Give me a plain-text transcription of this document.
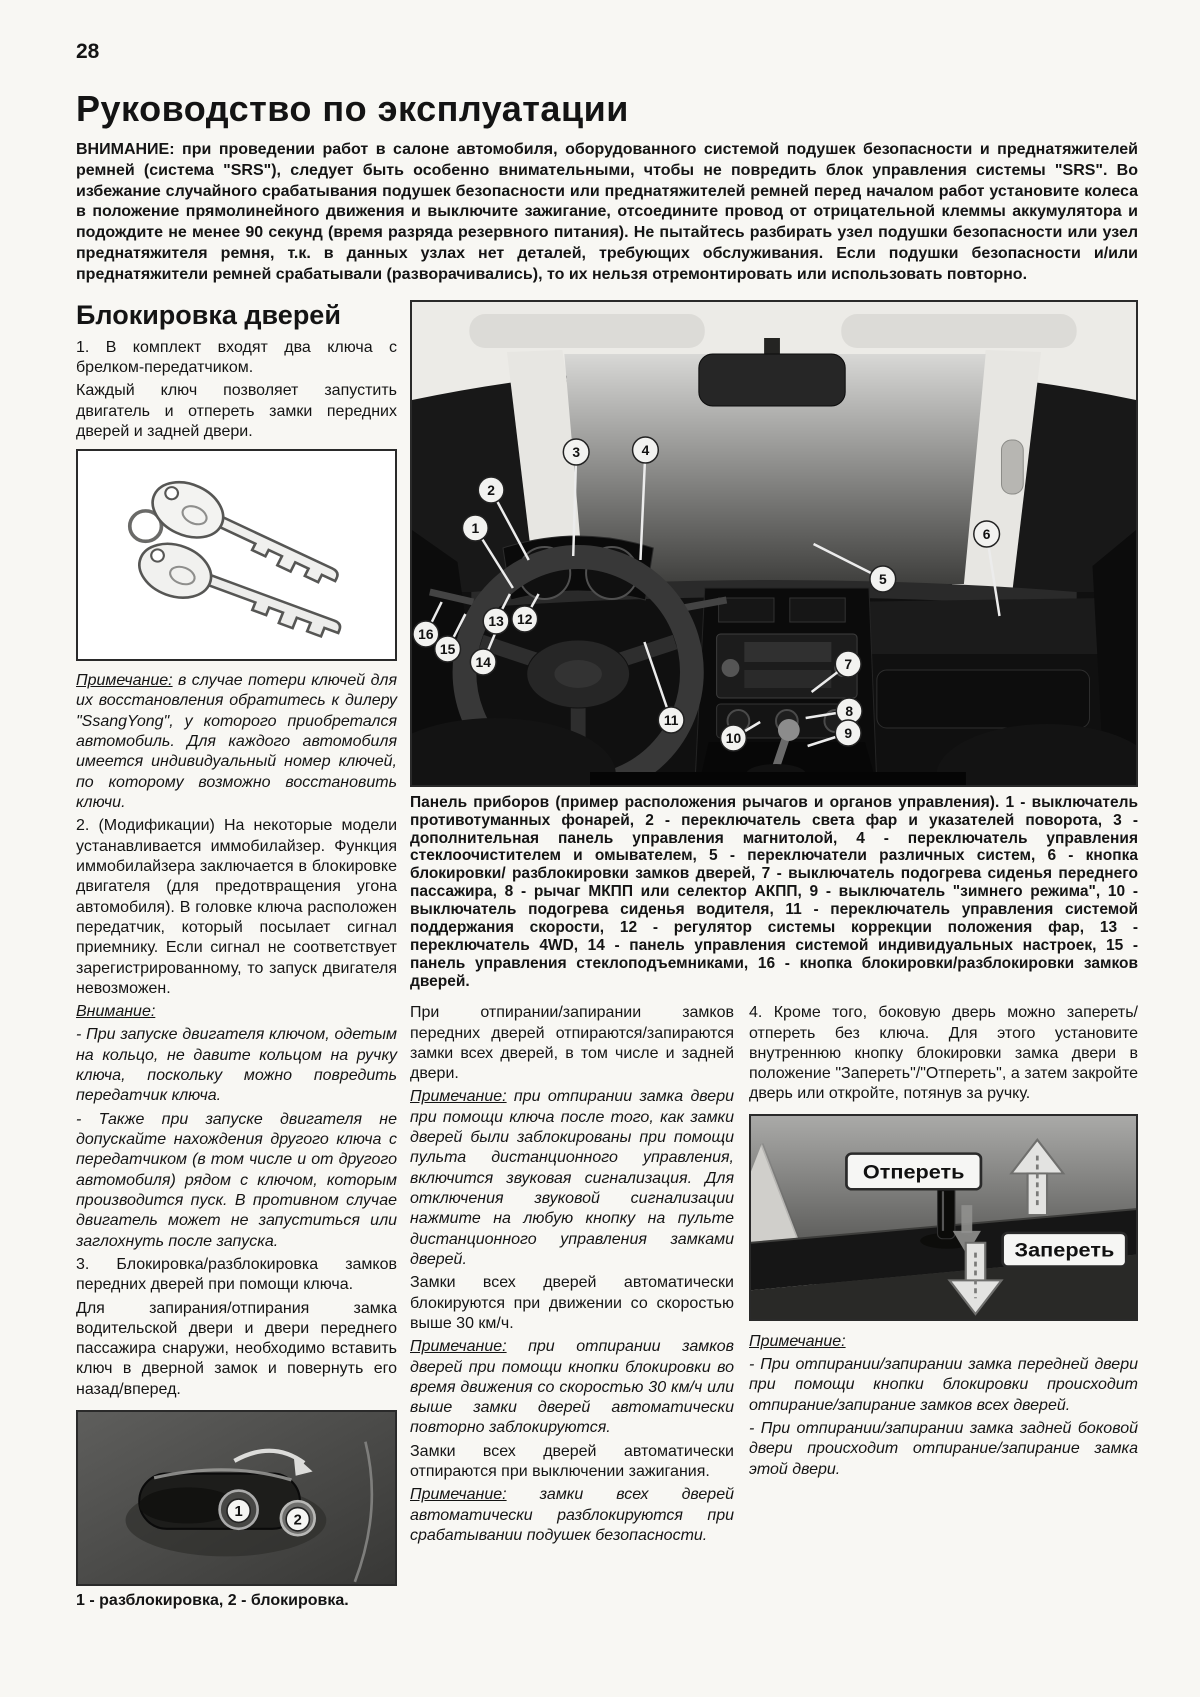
28
Руководство по эксплуатации
ВНИМАНИЕ: при проведении работ в салоне автомобиля, оборудованного системой подушек безопасности и преднатяжителей ремней (система "SRS"), следует быть особенно внимательными, чтобы не повредить блок управления системы "SRS". Во избежание случайного срабатывания подушек безопасности или преднатяжителей ремней перед началом работ установите колеса в положение прямолинейного движения и выключите зажигание, отсоедините провод от отрицательной клеммы аккумулятора и подождите не менее 90 секунд (время разряда резервного питания). Не пытайтесь разбирать узел подушки безопасности или узел преднатяжителя ремня, т.к. в данных узлах нет деталей, требующих обслуживания. Если подушки безопасности и/или преднатяжители ремней срабатывали (разворачивались), то их нельзя отремонтировать или использовать повторно.
Блокировка дверей

1. В комплект входят два ключа с брелком-передатчиком.

Каждый ключ позволяет запустить двигатель и отпереть замки передних дверей и задней двери.

Примечание: в случае потери ключей для их восстановления обратитесь к дилеру "SsangYong", у которого приобретался автомобиль. Для каждого автомобиля имеется индивидуальный номер ключей, по которому возможно восстановить ключи.

2. (Модификации) На некоторые модели устанавливается иммобилайзер. Функция иммобилайзера заключается в блокировке двигателя (для предотвращения угона автомобиля). В головке ключа расположен передатчик, который посылает сигнал приемнику. Если сигнал не соответствует зарегистрированному, то запуск двигателя невозможен.

Внимание:

- При запуске двигателя ключом, одетым на кольцо, не давите кольцом на ручку ключа, поскольку можно повредить передатчик ключа.

- Также при запуске двигателя не допускайте нахождения другого ключа с передатчиком (в том числе и от другого автомобиля) рядом с ключом, которым производится пуск. В противном случае двигатель может не запуститься или заглохнуть после запуска.

3. Блокировка/разблокировка замков передних дверей при помощи ключа.

Для запирания/отпирания замка водительской двери и двери переднего пассажира снаружи, необходимо вставить ключ в дверной замок и повернуть его назад/вперед.

1
2

1 - разблокировка, 2 - блокировка.

1
2
3	4
5
6
7
8
9
10
11
12
13
14
15
16
Панель приборов (пример расположения рычагов и органов управления). 1 - выключатель противотуманных фонарей, 2 - переключатель света фар и указателей поворота, 3 - дополнительная панель управления магнитолой, 4 - переключатель управления стеклоочистителем и омывателем, 5 - переключатели различных систем, 6 - кнопка блокировки/ разблокировки замков дверей, 7 - выключатель подогрева сиденья переднего пассажира, 8 - рычаг МКПП или селектор АКПП, 9 - выключатель "зимнего режима", 10 - выключатель подогрева сиденья водителя, 11 - переключатель управления системой поддержания скорости, 12 - регулятор системы коррекции положения фар, 13 - переключатель 4WD, 14 - панель управления системой индивидуальных настроек, 15 - панель управления стеклоподъемниками, 16 - кнопка блокировки/разблокировки замков дверей.

При отпирании/запирании замков передних дверей отпираются/запираются замки всех дверей, в том числе и задней двери.

Примечание: при отпирании замка двери при помощи ключа после того, как замки дверей были заблокированы при помощи пульта дистанционного управления, включится звуковая сигнализация. Для отключения звуковой сигнализации нажмите на любую кнопку на пульте дистанционного управления замками дверей.

Замки всех дверей автоматически блокируются при движении со скоростью выше 30 км/ч.

Примечание: при отпирании замков дверей при помощи кнопки блокировки во время движения со скоростью 30 км/ч или выше замки дверей автоматически повторно заблокируются.

Замки всех дверей автоматически отпираются при выключении зажигания.

Примечание: замки всех дверей автоматически разблокируются при срабатывании подушек безопасности.

4. Кроме того, боковую дверь можно запереть/отпереть без ключа. Для этого установите внутреннюю кнопку блокировки замка двери в положение "Запереть"/"Отпереть", а затем закройте дверь или откройте, потянув за ручку.

Отпереть
Запереть

Примечание:

- При отпирании/запирании замка передней двери при помощи кнопки блокировки происходит отпирание/запирание замков всех дверей.

- При отпирании/запирании замка задней боковой двери происходит отпирание/запирание замка этой двери.
